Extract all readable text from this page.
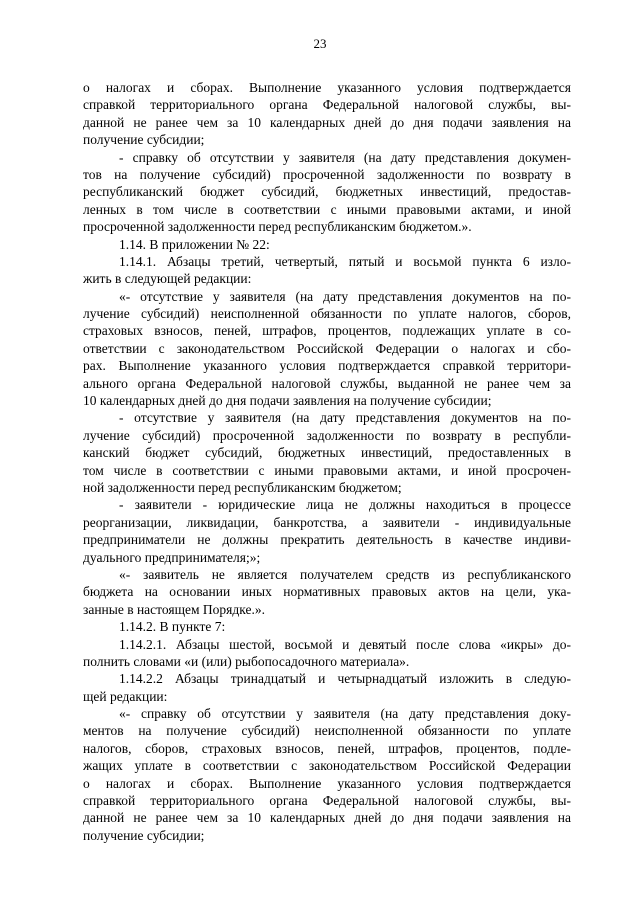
23

о налогах и сборах. Выполнение указанного условия подтверждается
справкой территориального органа Федеральной налоговой службы, вы-
данной не ранее чем за 10 календарных дней до дня подачи заявления на
получение субсидии;
- справку об отсутствии у заявителя (на дату представления докумен-
тов на получение субсидий) просроченной задолженности по возврату в
республиканский бюджет субсидий, бюджетных инвестиций, предостав-
ленных в том числе в соответствии с иными правовыми актами, и иной
просроченной задолженности перед республиканским бюджетом.».
1.14. В приложении № 22:
1.14.1. Абзацы третий, четвертый, пятый и восьмой пункта 6 изло-
жить в следующей редакции:
«- отсутствие у заявителя (на дату представления документов на по-
лучение субсидий) неисполненной обязанности по уплате налогов, сборов,
страховых взносов, пеней, штрафов, процентов, подлежащих уплате в со-
ответствии с законодательством Российской Федерации о налогах и сбо-
рах. Выполнение указанного условия подтверждается справкой территори-
ального органа Федеральной налоговой службы, выданной не ранее чем за
10 календарных дней до дня подачи заявления на получение субсидии;
- отсутствие у заявителя (на дату представления документов на по-
лучение субсидий) просроченной задолженности по возврату в республи-
канский бюджет субсидий, бюджетных инвестиций, предоставленных в
том числе в соответствии с иными правовыми актами, и иной просрочен-
ной задолженности перед республиканским бюджетом;
- заявители - юридические лица не должны находиться в процессе
реорганизации, ликвидации, банкротства, а заявители - индивидуальные
предприниматели не должны прекратить деятельность в качестве индиви-
дуального предпринимателя;»;
«- заявитель не является получателем средств из республиканского
бюджета на основании иных нормативных правовых актов на цели, ука-
занные в настоящем Порядке.».
1.14.2. В пункте 7:
1.14.2.1. Абзацы шестой, восьмой и девятый после слова «икры» до-
полнить словами «и (или) рыбопосадочного материала».
1.14.2.2 Абзацы тринадцатый и четырнадцатый изложить в следую-
щей редакции:
«- справку об отсутствии у заявителя (на дату представления доку-
ментов на получение субсидий) неисполненной обязанности по уплате
налогов, сборов, страховых взносов, пеней, штрафов, процентов, подле-
жащих уплате в соответствии с законодательством Российской Федерации
о налогах и сборах. Выполнение указанного условия подтверждается
справкой территориального органа Федеральной налоговой службы, вы-
данной не ранее чем за 10 календарных дней до дня подачи заявления на
получение субсидии;
